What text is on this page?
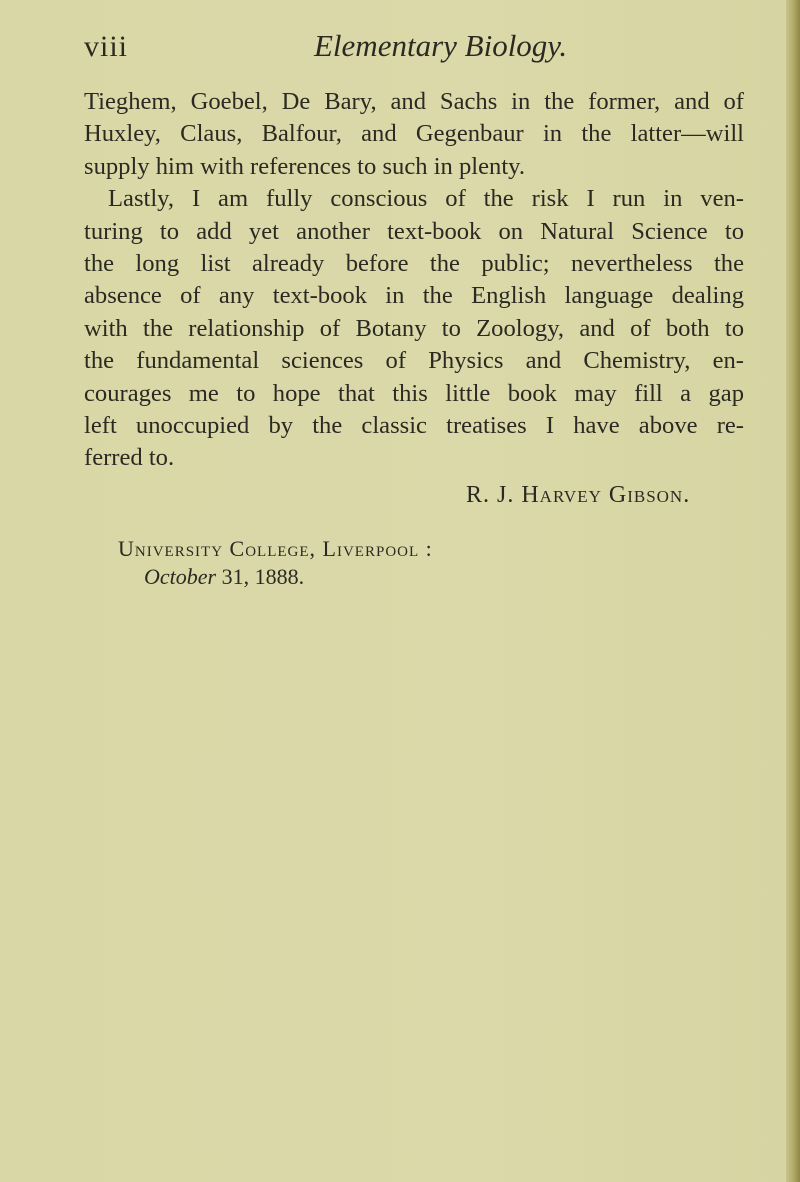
viii	Elementary Biology.
Tieghem, Goebel, De Bary, and Sachs in the former, and of
Huxley, Claus, Balfour, and Gegenbaur in the latter—will
supply him with references to such in plenty.
Lastly, I am fully conscious of the risk I run in ven-
turing to add yet another text-book on Natural Science to
the long list already before the public; nevertheless the
absence of any text-book in the English language dealing
with the relationship of Botany to Zoology, and of both to
the fundamental sciences of Physics and Chemistry, en-
courages me to hope that this little book may fill a gap
left unoccupied by the classic treatises I have above re-
ferred to.
R. J. Harvey Gibson.
University College, Liverpool :
October 31, 1888.
